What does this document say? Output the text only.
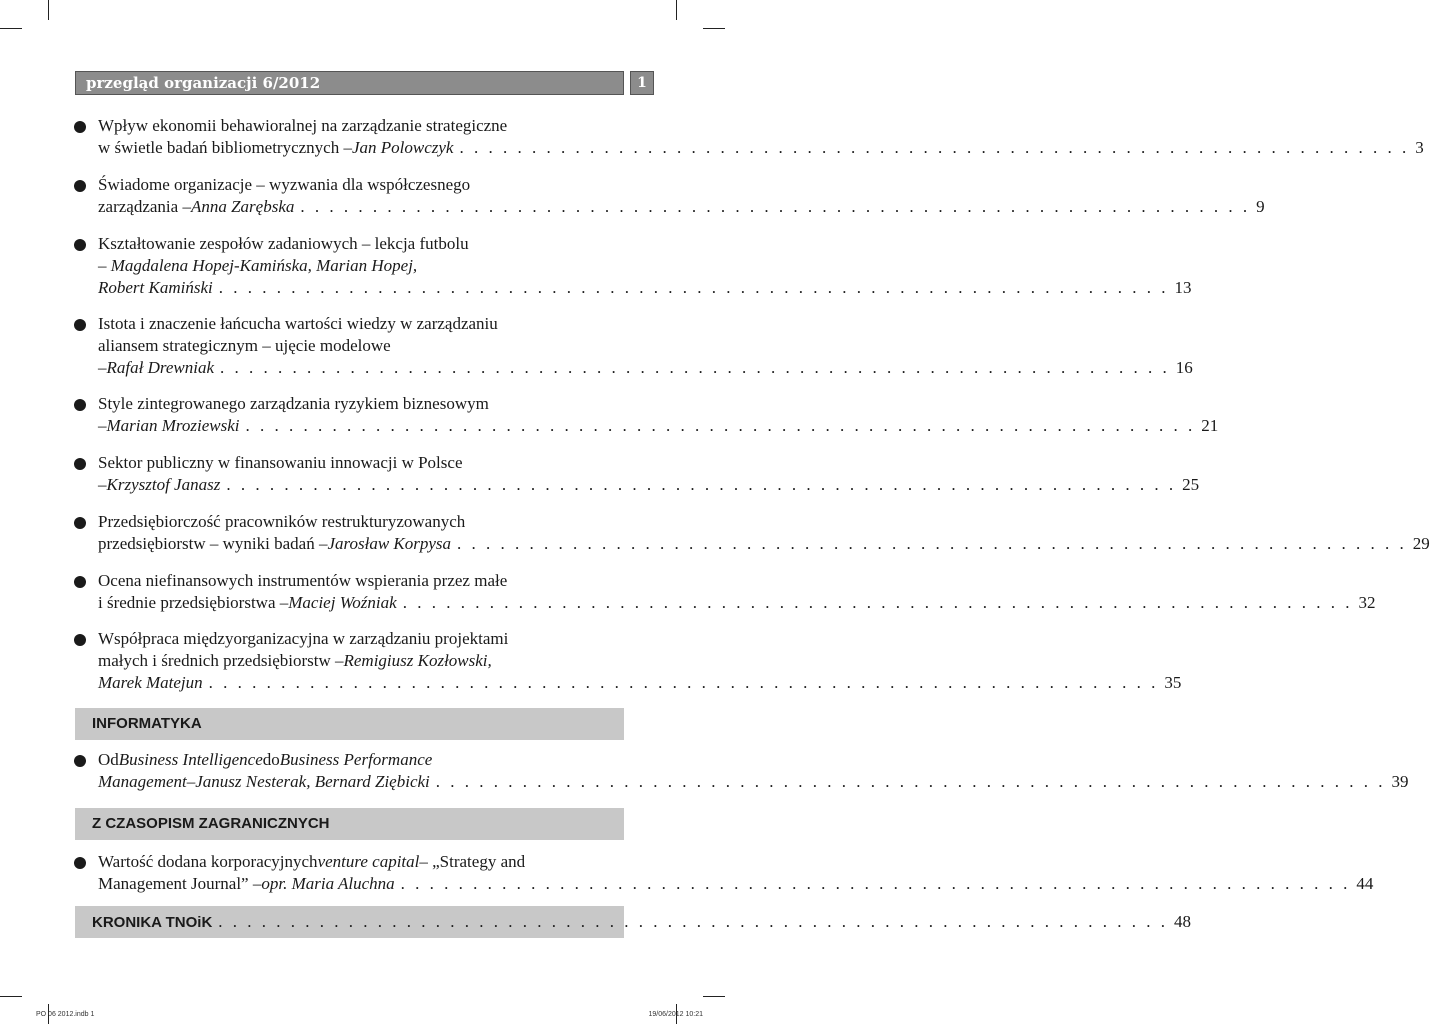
przegląd organizacji 6/2012	1
Wpływ ekonomii behawioralnej na zarządzanie strategiczne
w świetle badań bibliometrycznych – Jan Polowczyk . . . . . . . . . . . . . . . . . . . . . . . . . . . . . . . . . . . . . . . . . . . . . . . . . . . . . . . . . . . . . . . . . . 3
Świadome organizacje – wyzwania dla współczesnego
zarządzania – Anna Zarębska . . . . . . . . . . . . . . . . . . . . . . . . . . . . . . . . . . . . . . . . . . . . . . . . . . . . . . . . . . . . . . . . . . 9
Kształtowanie zespołów zadaniowych – lekcja futbolu
– Magdalena Hopej-Kamińska, Marian Hopej,
Robert Kamiński . . . . . . . . . . . . . . . . . . . . . . . . . . . . . . . . . . . . . . . . . . . . . . . . . . . . . . . . . . . . . . . . . . 13
Istota i znaczenie łańcucha wartości wiedzy w zarządzaniu
aliansem strategicznym – ujęcie modelowe
– Rafał Drewniak . . . . . . . . . . . . . . . . . . . . . . . . . . . . . . . . . . . . . . . . . . . . . . . . . . . . . . . . . . . . . . . . . . 16
Style zintegrowanego zarządzania ryzykiem biznesowym
– Marian Mroziewski . . . . . . . . . . . . . . . . . . . . . . . . . . . . . . . . . . . . . . . . . . . . . . . . . . . . . . . . . . . . . . . . . . 21
Sektor publiczny w finansowaniu innowacji w Polsce
– Krzysztof Janasz . . . . . . . . . . . . . . . . . . . . . . . . . . . . . . . . . . . . . . . . . . . . . . . . . . . . . . . . . . . . . . . . . . 25
Przedsiębiorczość pracowników restrukturyzowanych
przedsiębiorstw – wyniki badań – Jarosław Korpysa . . . . . . . . . . . . . . . . . . . . . . . . . . . . . . . . . . . . . . . . . . . . . . . . . . . . . . . . . . . . . . . . . . 29
Ocena niefinansowych instrumentów wspierania przez małe
i średnie przedsiębiorstwa – Maciej Woźniak . . . . . . . . . . . . . . . . . . . . . . . . . . . . . . . . . . . . . . . . . . . . . . . . . . . . . . . . . . . . . . . . . . 32
Współpraca międzyorganizacyjna w zarządzaniu projektami
małych i średnich przedsiębiorstw – Remigiusz Kozłowski,
Marek Matejun . . . . . . . . . . . . . . . . . . . . . . . . . . . . . . . . . . . . . . . . . . . . . . . . . . . . . . . . . . . . . . . . . . 35
INFORMATYKA
Od Business Intelligence do Business Performance
Management – Janusz Nesterak, Bernard Ziębicki . . . . . . . . . . . . . . . . . . . . . . . . . . . . . . . . . . . . . . . . . . . . . . . . . . . . . . . . . . . . . . . . . . 39
Z CZASOPISM ZAGRANICZNYCH
Wartość dodana korporacyjnych venture capital – „Strategy and
Management Journal” – opr. Maria Aluchna . . . . . . . . . . . . . . . . . . . . . . . . . . . . . . . . . . . . . . . . . . . . . . . . . . . . . . . . . . . . . . . . . . 44
KRONIKA TNOiK . . . . . . . . . . . . . . . . . . . . . . . . . . . . . . . . . . . . . . . . . . . . . . . . . . . . . . . . . . . . . . . . . . 48
PO 06 2012.indb 1	19/06/2012 10:21
